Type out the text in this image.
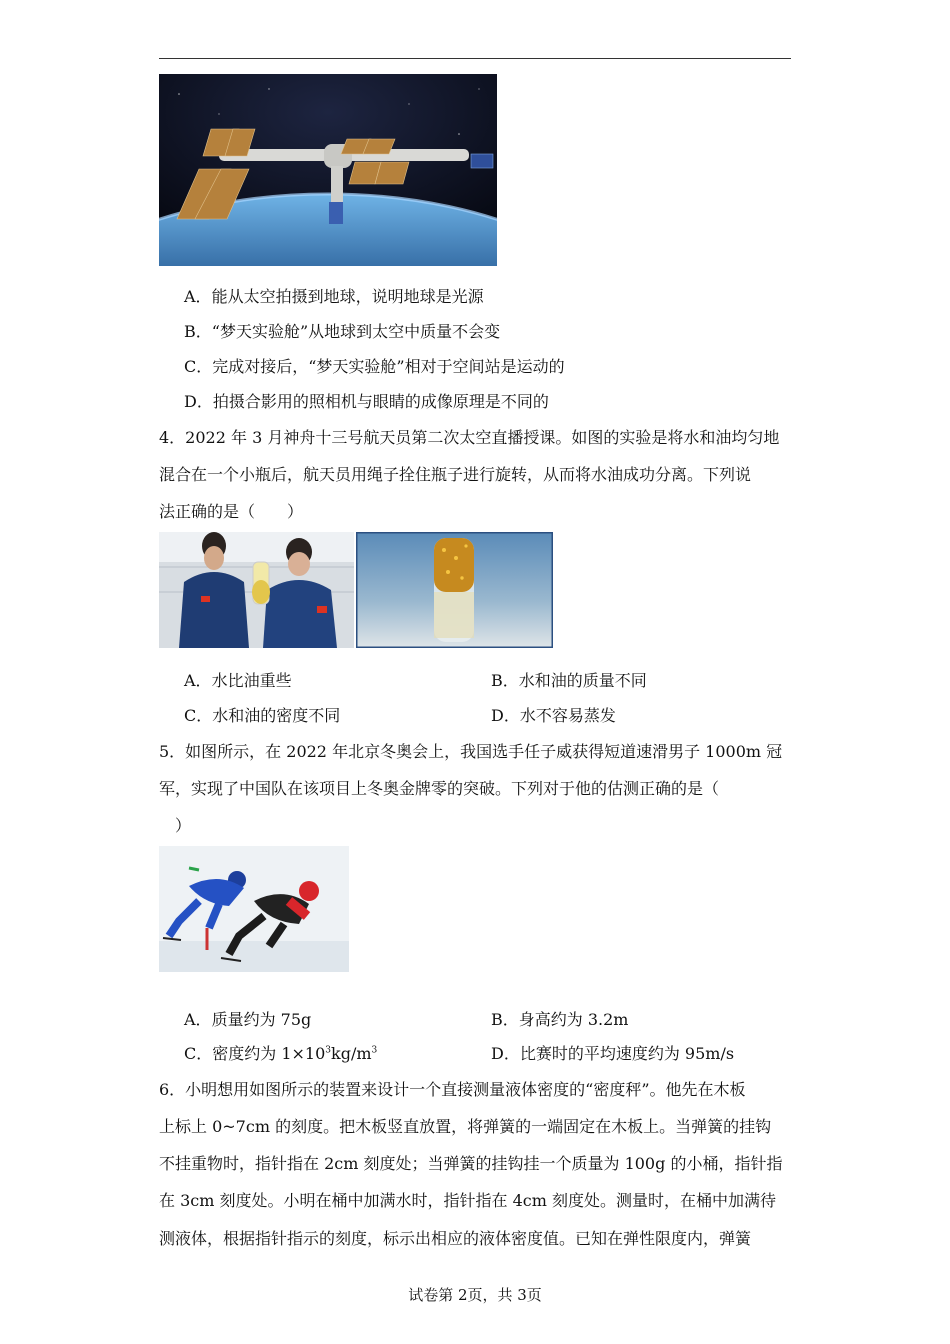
A．能从太空拍摄到地球，说明地球是光源
B．“梦天实验舱”从地球到太空中质量不会变
C．完成对接后，“梦天实验舱”相对于空间站是运动的
D．拍摄合影用的照相机与眼睛的成像原理是不同的
4．2022 年 3 月神舟十三号航天员第二次太空直播授课。如图的实验是将水和油均匀地
混合在一个小瓶后，航天员用绳子拴住瓶子进行旋转，从而将水油成功分离。下列说
法正确的是（　　）
A．水比油重些	B．水和油的质量不同
C．水和油的密度不同	D．水不容易蒸发
5．如图所示，在 2022 年北京冬奥会上，我国选手任子威获得短道速滑男子 1000m 冠
军，实现了中国队在该项目上冬奥金牌零的突破。下列对于他的估测正确的是（
　）
A．质量约为 75g	B．身高约为 3.2m
C．密度约为 $1\times 10^3kg/m^3$	D．比赛时的平均速度约为 95m/s
6．小明想用如图所示的装置来设计一个直接测量液体密度的“密度秤”。他先在木板
上标上 0~7cm 的刻度。把木板竖直放置，将弹簧的一端固定在木板上。当弹簧的挂钩
不挂重物时，指针指在 2cm 刻度处；当弹簧的挂钩挂一个质量为 100g 的小桶，指针指
在 3cm 刻度处。小明在桶中加满水时，指针指在 4cm 刻度处。测量时，在桶中加满待
测液体，根据指针指示的刻度，标示出相应的液体密度值。已知在弹性限度内，弹簧
试卷第 2页，共 3页
